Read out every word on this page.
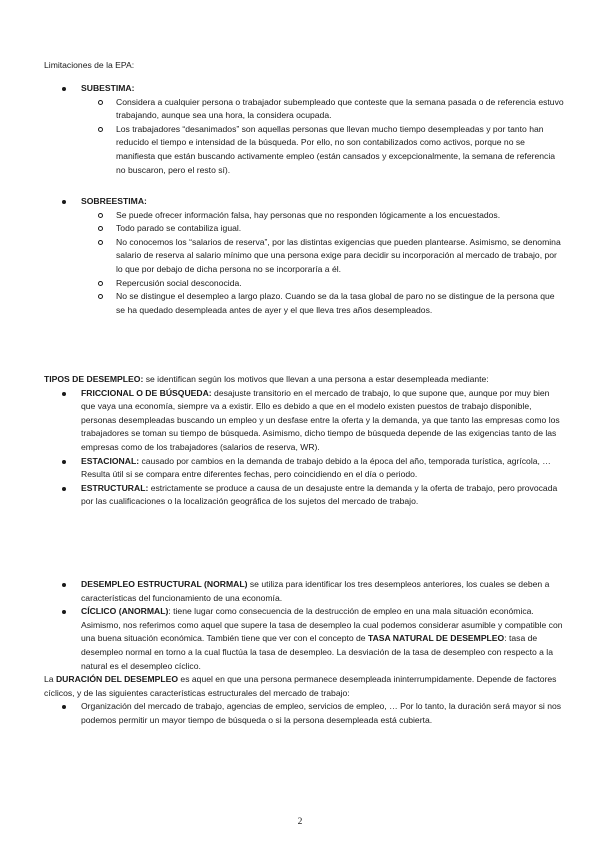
Limitaciones de la EPA:

SUBESTIMA:
Considera a cualquier persona o trabajador subempleado que conteste que la semana pasada o de referencia estuvo trabajando, aunque sea una hora, la considera ocupada.
Los trabajadores “desanimados” son aquellas personas que llevan mucho tiempo desempleadas y por tanto han reducido el tiempo e intensidad de la búsqueda. Por ello, no son contabilizados como activos, porque no se manifiesta que están buscando activamente empleo (están cansados y excepcionalmente, la semana de referencia no buscaron, pero el resto sí).
SOBREESTIMA:
Se puede ofrecer información falsa, hay personas que no responden lógicamente a los encuestados.
Todo parado se contabiliza igual.
No conocemos los “salarios de reserva”, por las distintas exigencias que pueden plantearse. Asimismo, se denomina salario de reserva al salario mínimo que una persona exige para decidir su incorporación al mercado de trabajo, por lo que por debajo de dicha persona no se incorporaría a él.
Repercusión social desconocida.
No se distingue el desempleo a largo plazo. Cuando se da la tasa global de paro no se distingue de la persona que se ha quedado desempleada antes de ayer y el que lleva tres años desempleados.

TIPOS DE DESEMPLEO: se identifican según los motivos que llevan a una persona a estar desempleada mediante:

FRICCIONAL O DE BÚSQUEDA: desajuste transitorio en el mercado de trabajo, lo que supone que, aunque por muy bien que vaya una economía, siempre va a existir. Ello es debido a que en el modelo existen puestos de trabajo disponible, personas desempleadas buscando un empleo y un desfase entre la oferta y la demanda, ya que tanto las empresas como los trabajadores se toman su tiempo de búsqueda. Asimismo, dicho tiempo de búsqueda depende de las exigencias tanto de las empresas como de los trabajadores (salarios de reserva, WR).
ESTACIONAL: causado por cambios en la demanda de trabajo debido a la época del año, temporada turística, agrícola, … Resulta útil si se compara entre diferentes fechas, pero coincidiendo en el día o periodo.
ESTRUCTURAL: estrictamente se produce a causa de un desajuste entre la demanda y la oferta de trabajo, pero provocada por las cualificaciones o la localización geográfica de los sujetos del mercado de trabajo.
DESEMPLEO ESTRUCTURAL (NORMAL) se utiliza para identificar los tres desempleos anteriores, los cuales se deben a características del funcionamiento de una economía.
CÍCLICO (ANORMAL): tiene lugar como consecuencia de la destrucción de empleo en una mala situación económica. Asimismo, nos referimos como aquel que supere la tasa de desempleo la cual podemos considerar asumible y compatible con una buena situación económica. También tiene que ver con el concepto de TASA NATURAL DE DESEMPLEO: tasa de desempleo normal en torno a la cual fluctúa la tasa de desempleo. La desviación de la tasa de desempleo con respecto a la natural es el desempleo cíclico.

La DURACIÓN DEL DESEMPLEO es aquel en que una persona permanece desempleada ininterrumpidamente. Depende de factores cíclicos, y de las siguientes características estructurales del mercado de trabajo:

Organización del mercado de trabajo, agencias de empleo, servicios de empleo, … Por lo tanto, la duración será mayor si nos podemos permitir un mayor tiempo de búsqueda o si la persona desempleada está cubierta.
2
